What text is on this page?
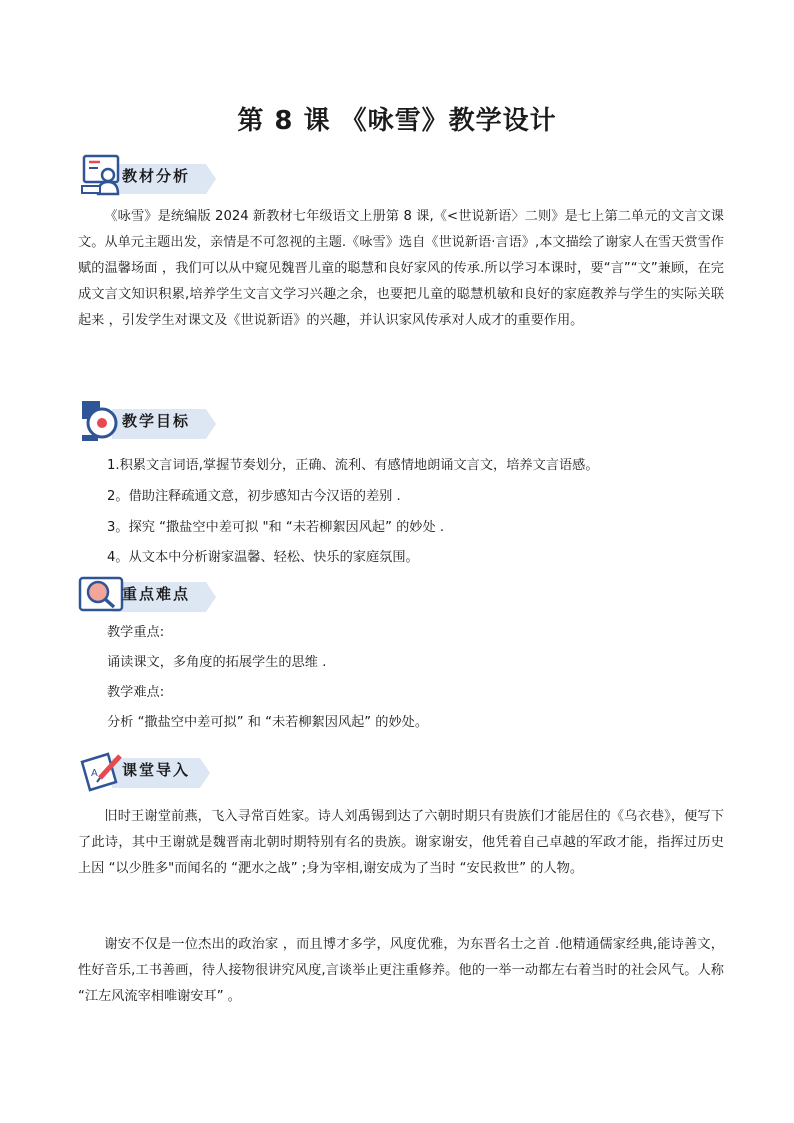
第 8 课 《咏雪》教学设计
教材分析

《咏雪》是统编版 2024 新教材七年级语文上册第 8 课,《<世说新语〉二则》是七上第二单元的文言文课文。从单元主题出发，亲情是不可忽视的主题.《咏雪》选自《世说新语·言语》,本文描绘了谢家人在雪天赏雪作赋的温馨场面 ，我们可以从中窥见魏晋儿童的聪慧和良好家风的传承.所以学习本课时，要“言”“文”兼顾，在完成文言文知识积累,培养学生文言文学习兴趣之余，也要把儿童的聪慧机敏和良好的家庭教养与学生的实际关联起来 ，引发学生对课文及《世说新语》的兴趣，并认识家风传承对人成才的重要作用。

教学目标

1.积累文言词语,掌握节奏划分，正确、流利、有感情地朗诵文言文，培养文言语感。

2。借助注释疏通文意，初步感知古今汉语的差别 .

3。探究 “撒盐空中差可拟 "和 “未若柳絮因风起” 的妙处 .

4。从文本中分析谢家温馨、轻松、快乐的家庭氛围。

重点难点

教学重点:

诵读课文，多角度的拓展学生的思维 .

教学难点:

分析 “撒盐空中差可拟” 和 “未若柳絮因风起” 的妙处。

A 课堂导入

旧时王谢堂前燕，飞入寻常百姓家。诗人刘禹锡到达了六朝时期只有贵族们才能居住的《乌衣巷》，便写下了此诗，其中王谢就是魏晋南北朝时期特别有名的贵族。谢家谢安，他凭着自己卓越的军政才能，指挥过历史上因 “以少胜多"而闻名的 “淝水之战” ;身为宰相,谢安成为了当时 “安民救世” 的人物。

谢安不仅是一位杰出的政治家 ，而且博才多学，风度优雅，为东晋名士之首 .他精通儒家经典,能诗善文，性好音乐,工书善画，待人接物很讲究风度,言谈举止更注重修养。他的一举一动都左右着当时的社会风气。人称 “江左风流宰相唯谢安耳” 。
